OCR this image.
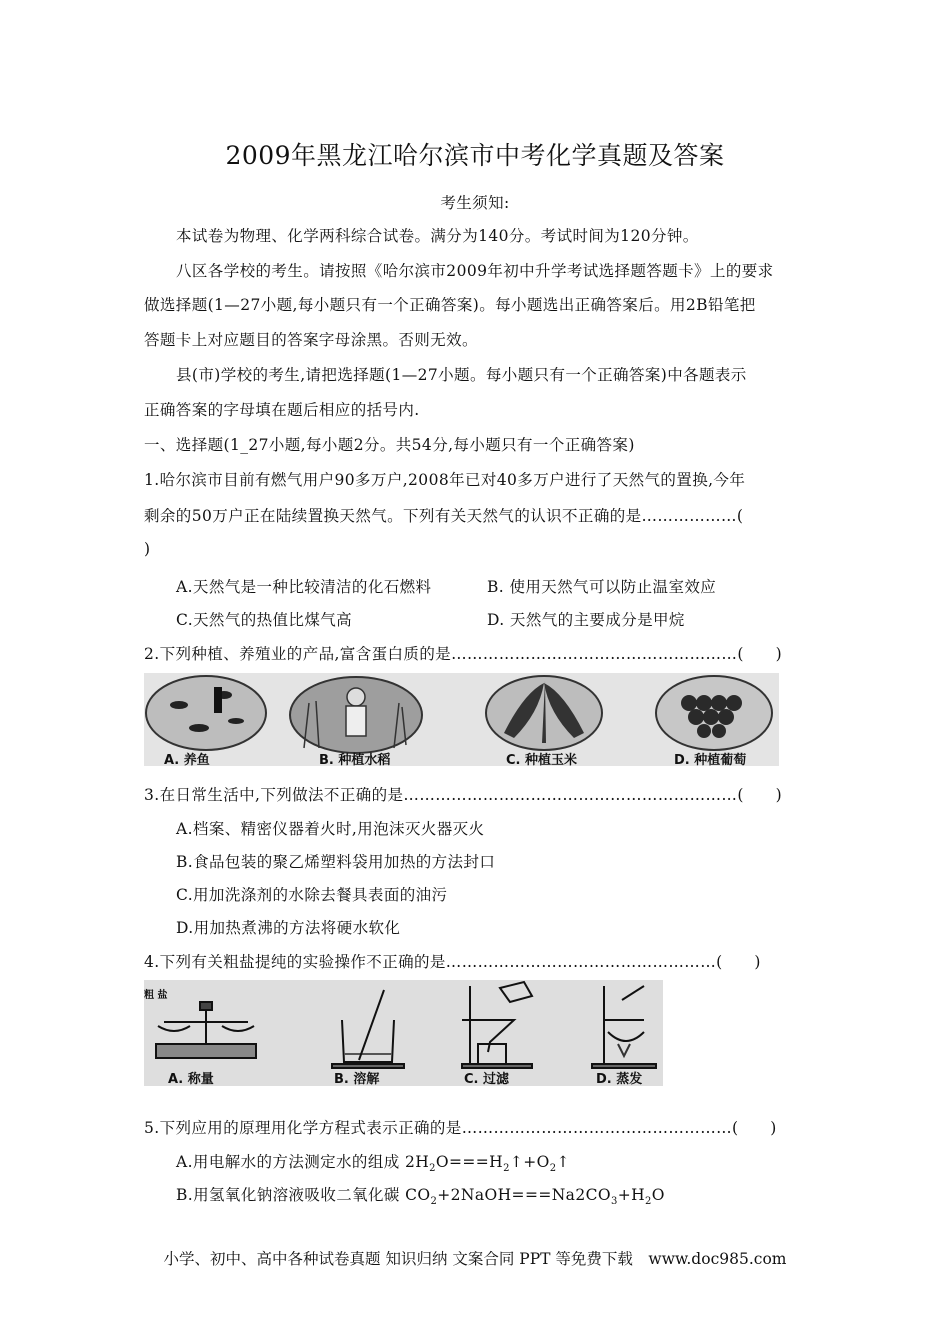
2009年黑龙江哈尔滨市中考化学真题及答案
考生须知:
本试卷为物理、化学两科综合试卷。满分为140分。考试时间为120分钟。
八区各学校的考生。请按照《哈尔滨市2009年初中升学考试选择题答题卡》上的要求
做选择题(1—27小题,每小题只有一个正确答案)。每小题选出正确答案后。用2B铅笔把
答题卡上对应题目的答案字母涂黑。否则无效。
县(市)学校的考生,请把选择题(1—27小题。每小题只有一个正确答案)中各题表示
正确答案的字母填在题后相应的括号内.
一、选择题(1_27小题,每小题2分。共54分,每小题只有一个正确答案)
1.哈尔滨市目前有燃气用户90多万户,2008年已对40多万户进行了天然气的置换,今年
剩余的50万户正在陆续置换天然气。下列有关天然气的认识不正确的是………………(
)
A.天然气是一种比较清洁的化石燃料	B. 使用天然气可以防止温室效应
C.天然气的热值比煤气高	D. 天然气的主要成分是甲烷
2.下列种植、养殖业的产品,富含蛋白质的是………………………………………………(　　)
A. 养鱼	B. 种植水稻	C. 种植玉米	D. 种植葡萄
3.在日常生活中,下列做法不正确的是………………………………………………………(　　)
A.档案、精密仪器着火时,用泡沫灭火器灭火
B.食品包装的聚乙烯塑料袋用加热的方法封口
C.用加洗涤剂的水除去餐具表面的油污
D.用加热煮沸的方法将硬水软化
4.下列有关粗盐提纯的实验操作不正确的是……………………………………………(　　)
粗 盐
A. 称量	B. 溶解	C. 过滤	D. 蒸发
5.下列应用的原理用化学方程式表示正确的是……………………………………………(　　)
A.用电解水的方法测定水的组成 $2H_2O===H_2↑+O_2↑$
B.用氢氧化钠溶液吸收二氧化碳 $CO_2+2NaOH===Na2CO_3+H_2O$
小学、初中、高中各种试卷真题 知识归纳 文案合同 PPT 等免费下载　www.doc985.com
